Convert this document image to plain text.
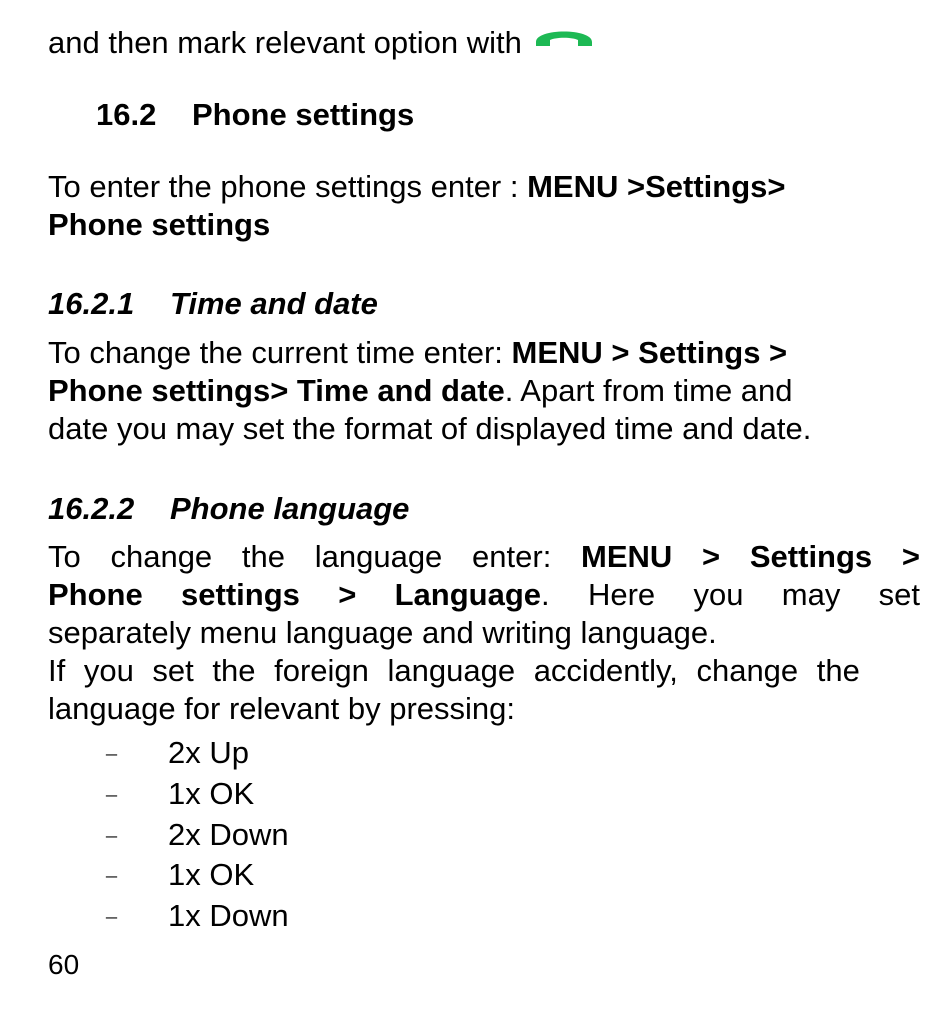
and then mark relevant option with
16.2 Phone settings
To enter the phone settings enter : MENU >Settings>
Phone settings
16.2.1 Time and date
To change the current time enter: MENU > Settings >
Phone settings> Time and date. Apart from time and
date you may set the format of displayed time and date.
16.2.2 Phone language
To change the language enter: MENU > Settings >
Phone settings > Language. Here you may set
separately menu language and writing language.
If you set the foreign language accidently, change the
language for relevant by pressing:
–	2x Up
–	1x OK
–	2x Down
–	1x OK
–	1x Down
60
